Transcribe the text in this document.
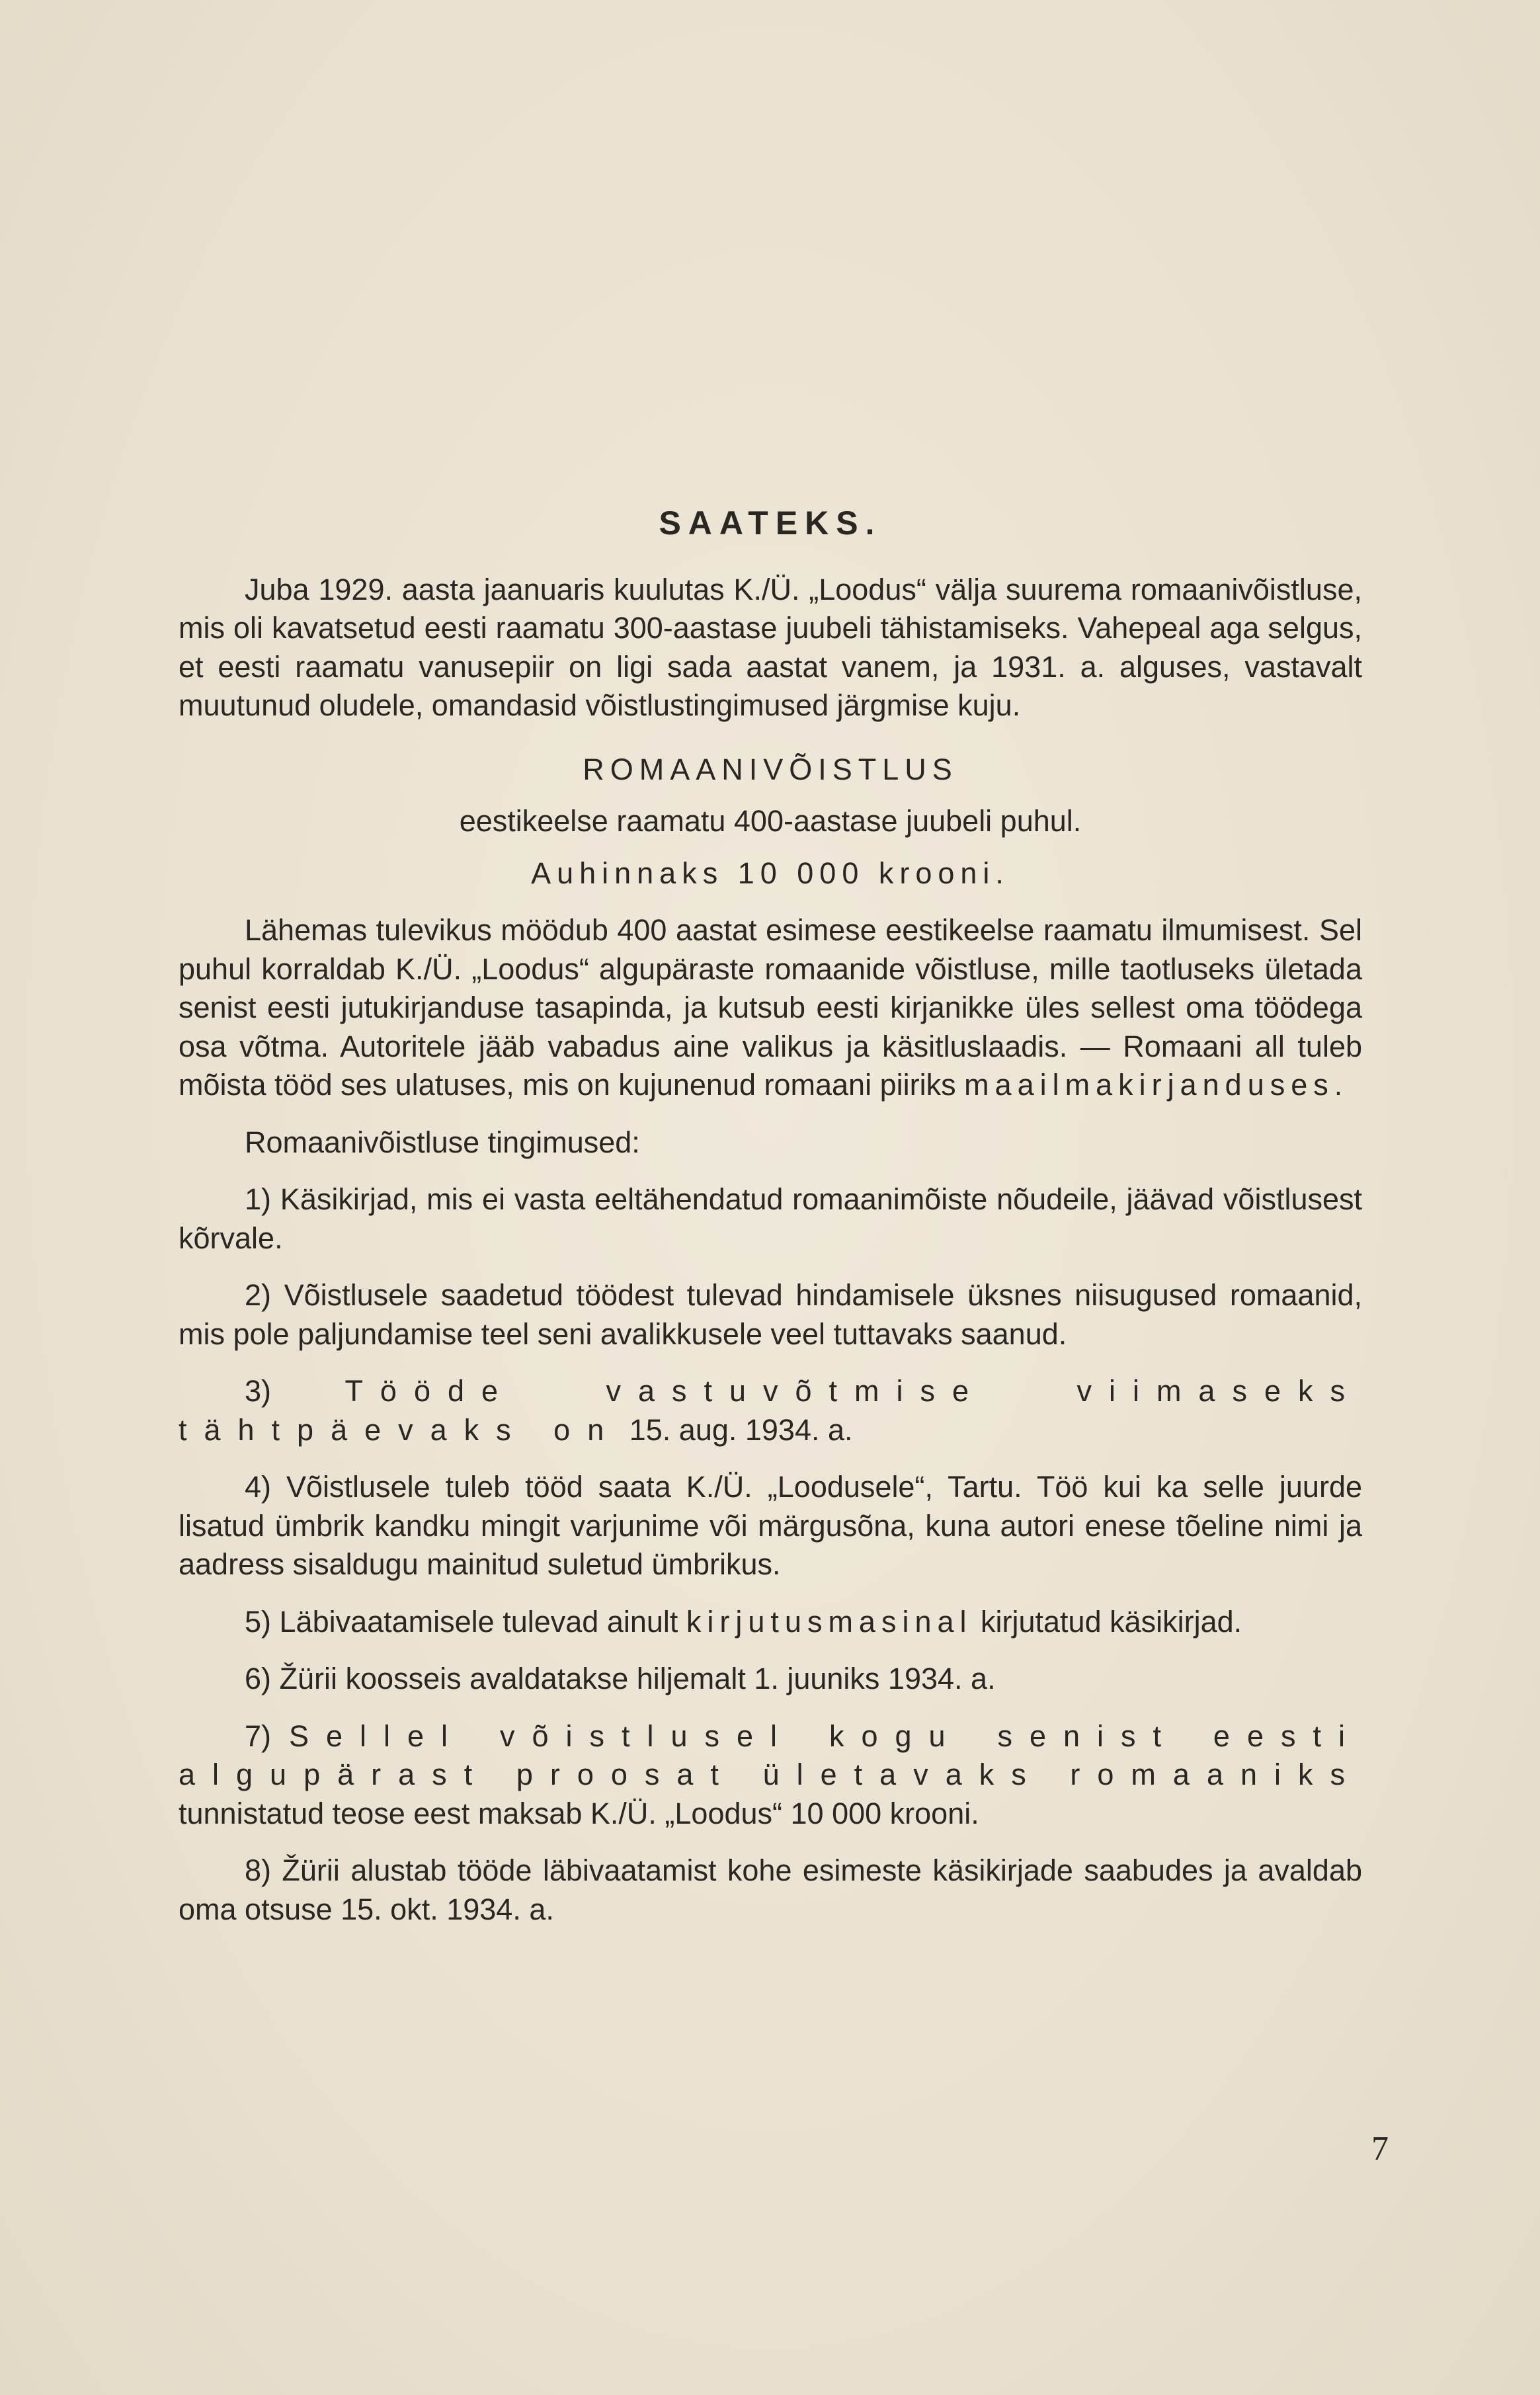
SAATEKS.

Juba 1929. aasta jaanuaris kuulutas K./Ü. „Loodus“ välja suurema romaanivõistluse, mis oli kavatsetud eesti raamatu 300-aastase juubeli tähistamiseks. Vahepeal aga selgus, et eesti raamatu vanusepiir on ligi sada aastat vanem, ja 1931. a. alguses, vastavalt muutunud oludele, omandasid võistlustingimused järgmise kuju.

ROMAANIVÕISTLUS

eestikeelse raamatu 400-aastase juubeli puhul.

Auhinnaks 10 000 krooni.

Lähemas tulevikus möödub 400 aastat esimese eestikeelse raamatu ilmumisest. Sel puhul korraldab K./Ü. „Loodus“ algupäraste romaanide võistluse, mille taotluseks ületada senist eesti jutukirjanduse tasapinda, ja kutsub eesti kirjanikke üles sellest oma töödega osa võtma. Autoritele jääb vabadus aine valikus ja käsitluslaadis. — Romaani all tuleb mõista tööd ses ulatuses, mis on kujunenud romaani piiriks maailmakirjanduses.

Romaanivõistluse tingimused:

1) Käsikirjad, mis ei vasta eeltähendatud romaanimõiste nõudeile, jäävad võistlusest kõrvale.

2) Võistlusele saadetud töödest tulevad hindamisele üksnes niisugused romaanid, mis pole paljundamise teel seni avalikkusele veel tuttavaks saanud.

3) Tööde vastuvõtmise viimaseks tähtpäevaks on 15. aug. 1934. a.

4) Võistlusele tuleb tööd saata K./Ü. „Loodusele“, Tartu. Töö kui ka selle juurde lisatud ümbrik kandku mingit varjunime või märgusõna, kuna autori enese tõeline nimi ja aadress sisaldugu mainitud suletud ümbrikus.

5) Läbivaatamisele tulevad ainult kirjutusmasinal kirjutatud käsikirjad.

6) Žürii koosseis avaldatakse hiljemalt 1. juuniks 1934. a.

7) Sellel võistlusel kogu senist eesti algupärast proosat ületavaks romaaniks tunnistatud teose eest maksab K./Ü. „Loodus“ 10 000 krooni.

8) Žürii alustab tööde läbivaatamist kohe esimeste käsikirjade saabudes ja avaldab oma otsuse 15. okt. 1934. a.

7
